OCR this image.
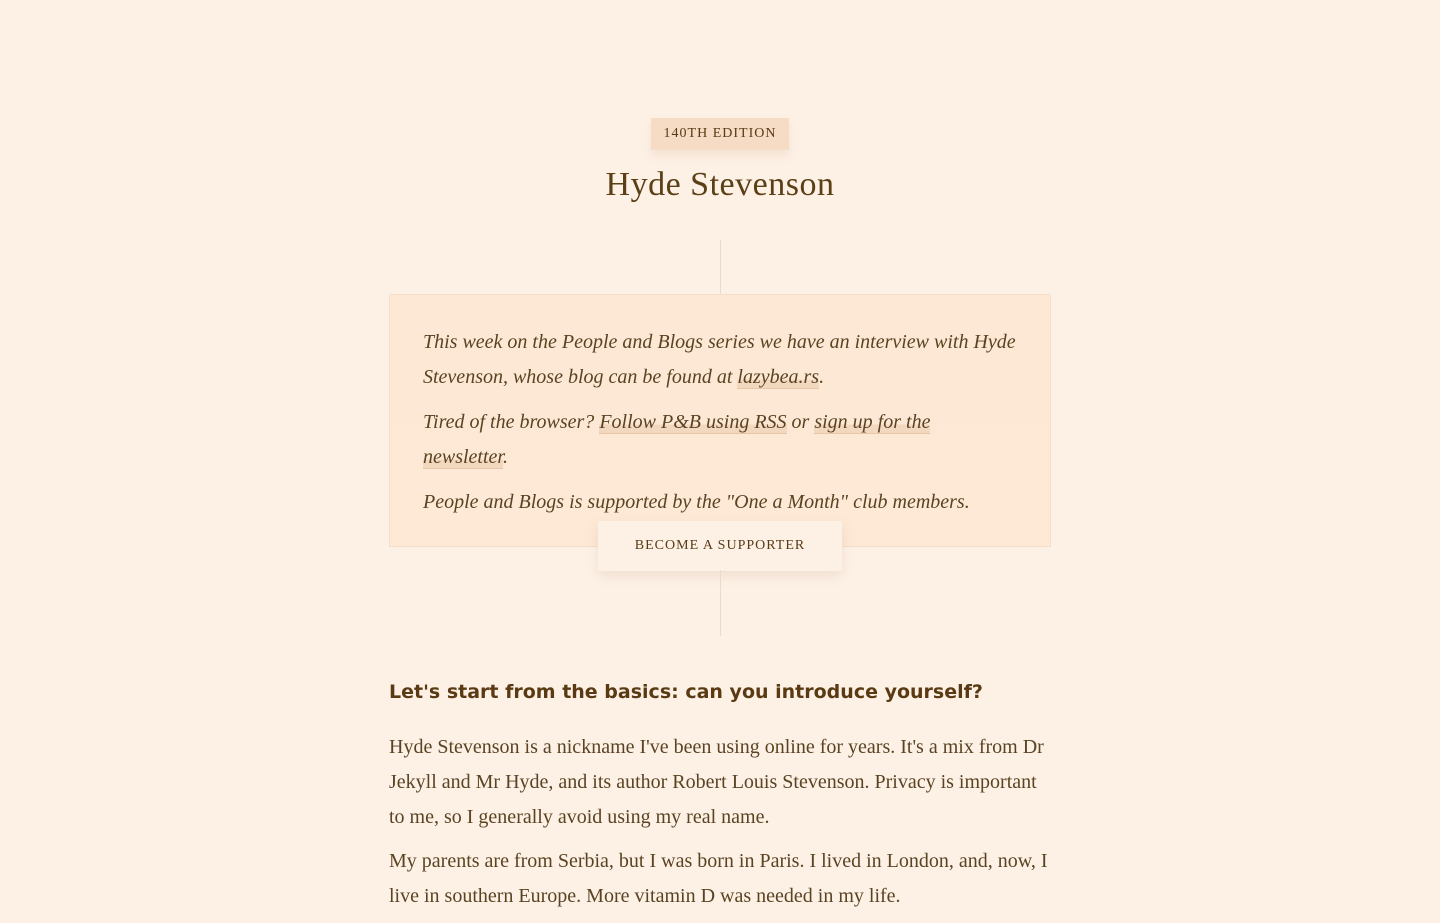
140TH EDITION
Hyde Stevenson

This week on the People and Blogs series we have an interview with Hyde Stevenson, whose blog can be found at lazybea.rs.

Tired of the browser? Follow P&B using RSS or sign up for the newsletter.

People and Blogs is supported by the "One a Month" club members.

BECOME A SUPPORTER
Let's start from the basics: can you introduce yourself?

Hyde Stevenson is a nickname I've been using online for years. It's a mix from Dr Jekyll and Mr Hyde, and its author Robert Louis Stevenson. Privacy is important to me, so I generally avoid using my real name.

My parents are from Serbia, but I was born in Paris. I lived in London, and, now, I live in southern Europe. More vitamin D was needed in my life.
